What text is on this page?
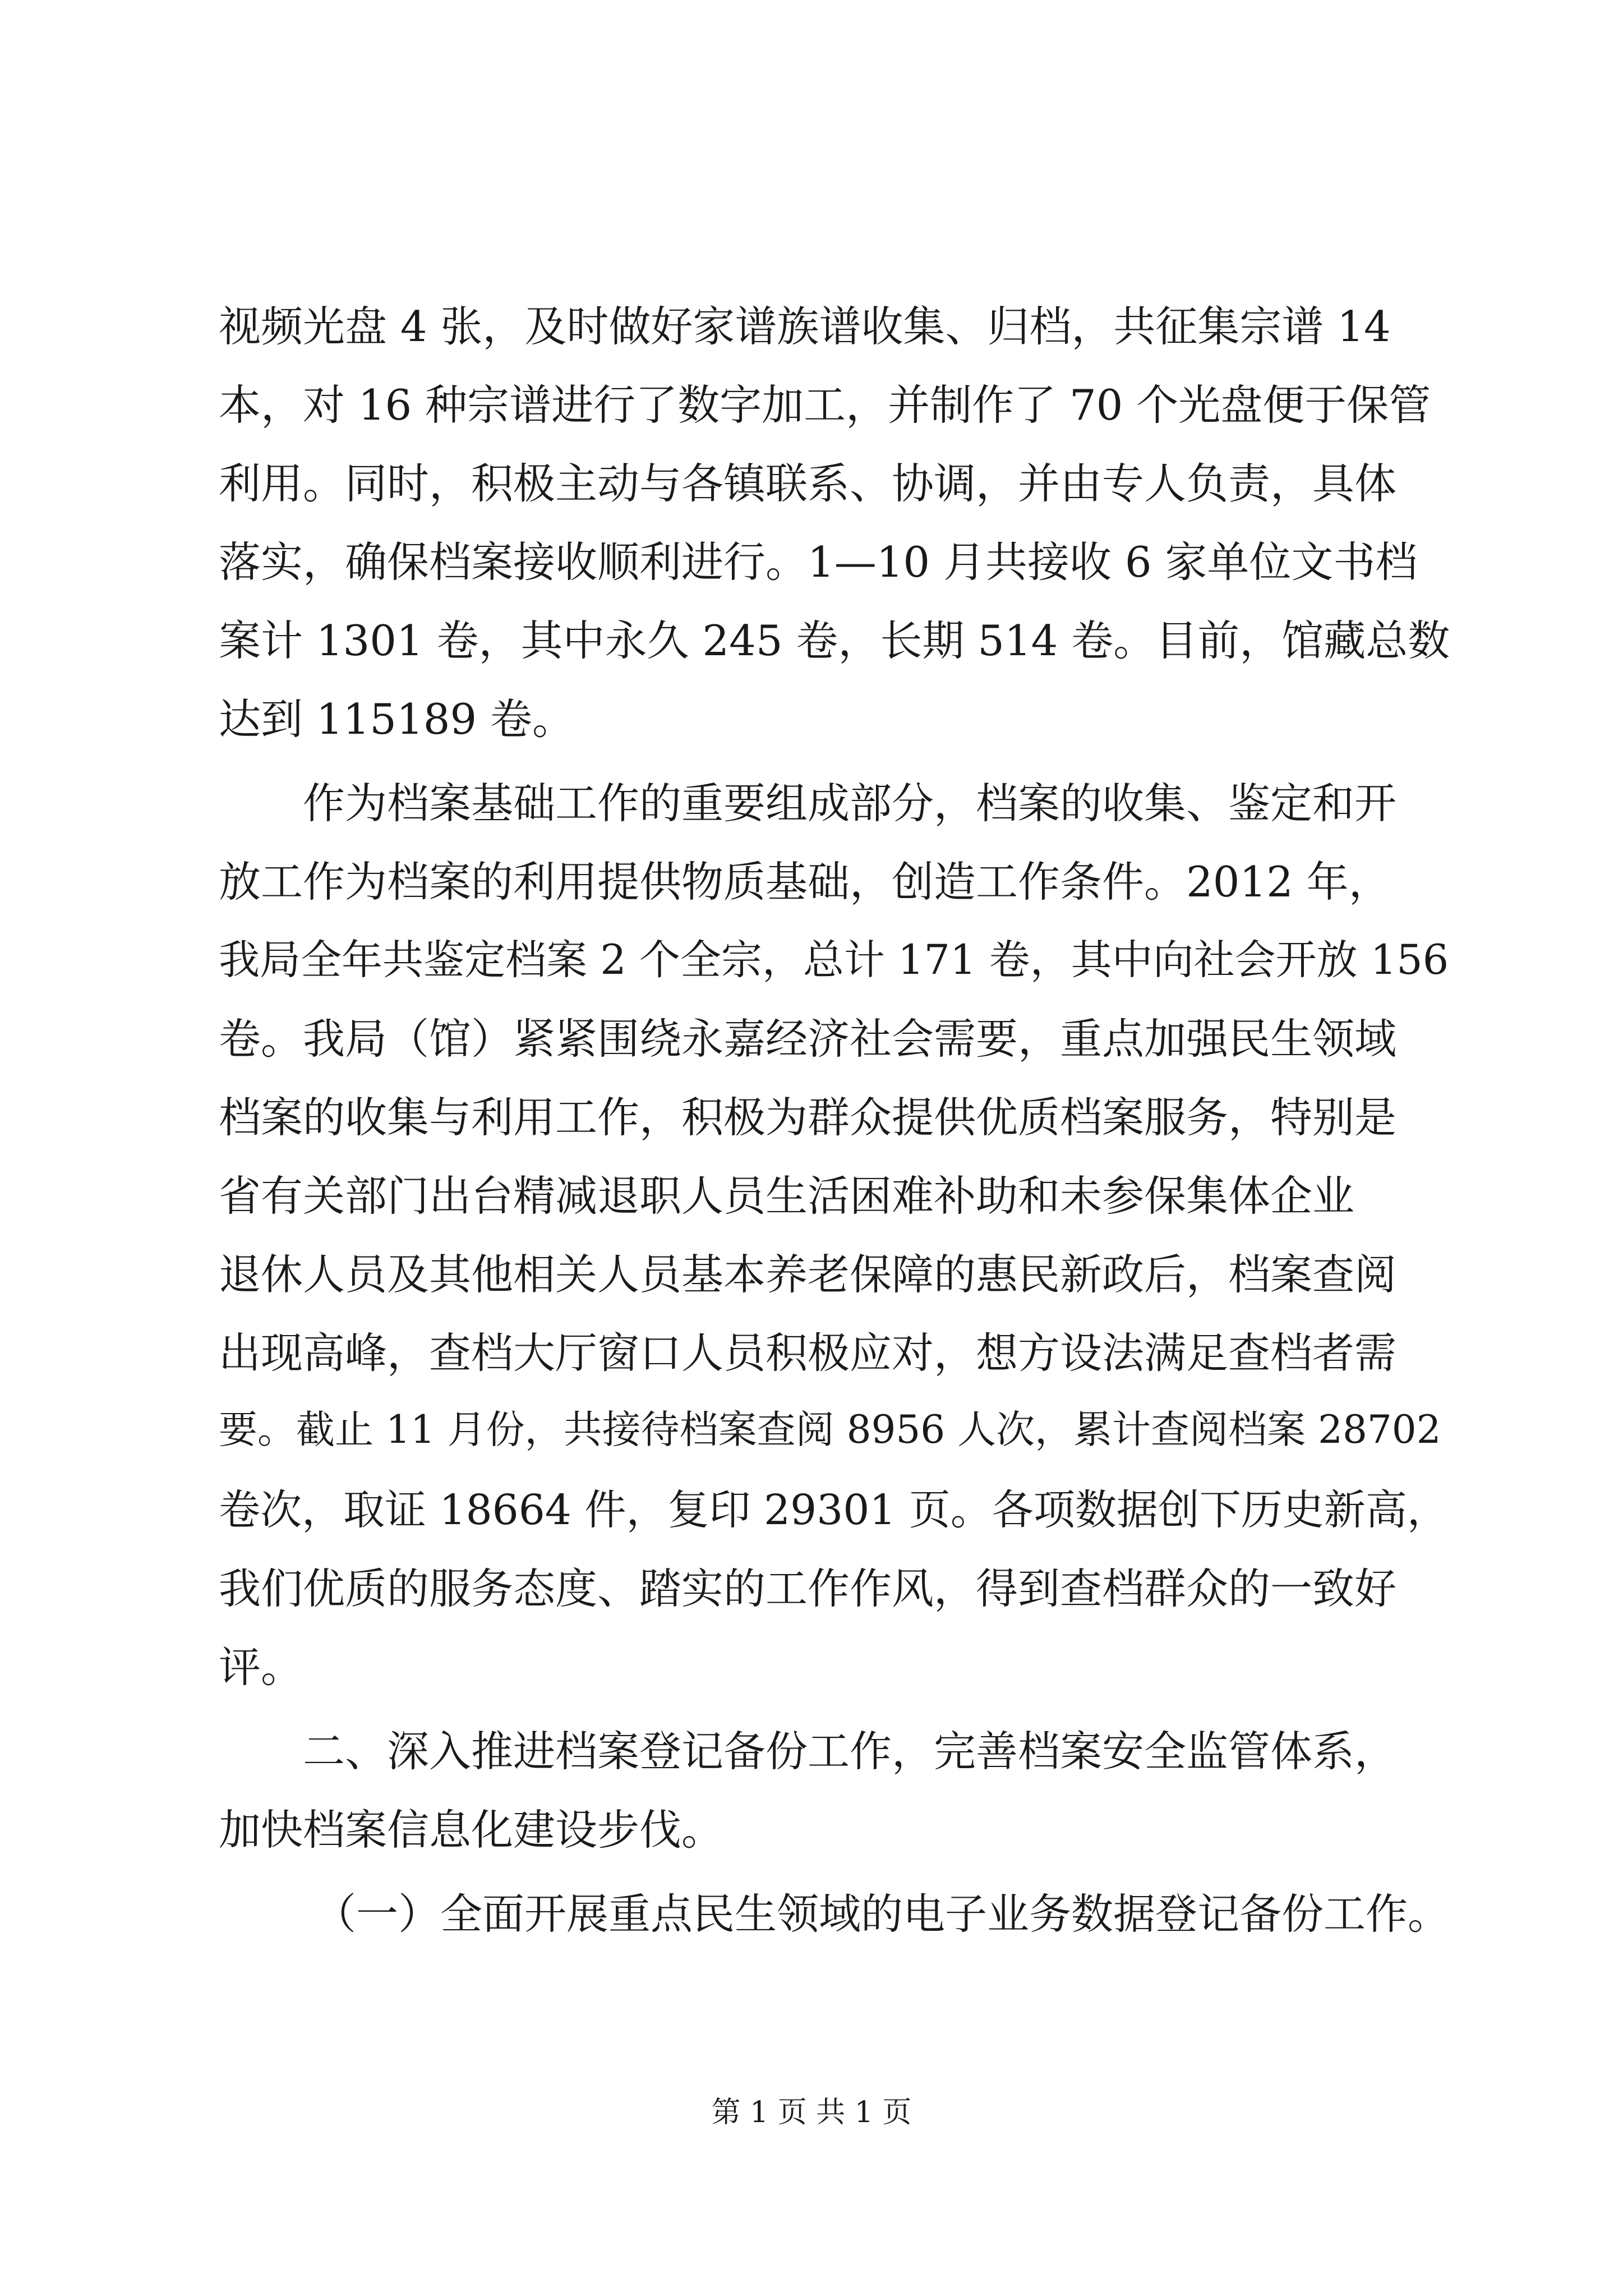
视频光盘 4 张，及时做好家谱族谱收集、归档，共征集宗谱 14
本，对 16 种宗谱进行了数字加工，并制作了 70 个光盘便于保管
利用。同时，积极主动与各镇联系、协调，并由专人负责，具体
落实，确保档案接收顺利进行。1—10 月共接收 6 家单位文书档
案计 1301 卷，其中永久 245 卷，长期 514 卷。目前，馆藏总数
达到 115189 卷。
作为档案基础工作的重要组成部分，档案的收集、鉴定和开
放工作为档案的利用提供物质基础，创造工作条件。2012 年，
我局全年共鉴定档案 2 个全宗，总计 171 卷，其中向社会开放 156
卷。我局（馆）紧紧围绕永嘉经济社会需要，重点加强民生领域
档案的收集与利用工作，积极为群众提供优质档案服务，特别是
省有关部门出台精减退职人员生活困难补助和未参保集体企业
退休人员及其他相关人员基本养老保障的惠民新政后，档案查阅
出现高峰，查档大厅窗口人员积极应对，想方设法满足查档者需
要。截止 11 月份，共接待档案查阅 8956 人次，累计查阅档案 28702
卷次，取证 18664 件，复印 29301 页。各项数据创下历史新高，
我们优质的服务态度、踏实的工作作风，得到查档群众的一致好
评。
二、深入推进档案登记备份工作，完善档案安全监管体系，
加快档案信息化建设步伐。
（一）全面开展重点民生领域的电子业务数据登记备份工作。
第 1 页 共 1 页
